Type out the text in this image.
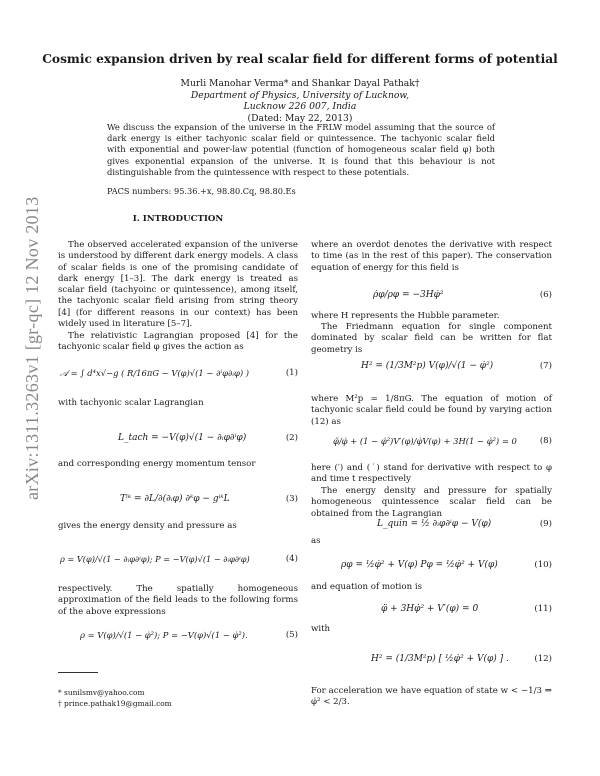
Cosmic expansion driven by real scalar field for different forms of potential
Murli Manohar Verma* and Shankar Dayal Pathak†
Department of Physics, University of Lucknow,
Lucknow 226 007, India
(Dated: May 22, 2013)
We discuss the expansion of the universe in the FRLW model assuming that the source of dark energy is either tachyonic scalar field or quintessence. The tachyonic scalar field with exponential and power-law potential (function of homogeneous scalar field φ) both gives exponential expansion of the universe. It is found that this behaviour is not distinguishable from the quintessence with respect to these potentials.
PACS numbers: 95.36.+x, 98.80.Cq, 98.80.Es
arXiv:1311.3263v1 [gr-qc] 12 Nov 2013	I. INTRODUCTION
The observed accelerated expansion of the universe is understood by different dark energy models. A class of scalar fields is one of the promising candidate of dark energy [1–3]. The dark energy is treated as scalar field (tachyoinc or quintessence), among itself, the tachyonic scalar field arising from string theory [4] (for different reasons in our context) has been widely used in literature [5–7].
The relativistic Lagrangian proposed [4] for the tachyonic scalar field φ gives the action as
𝒜 = ∫ d⁴x√−g ( R/16πG − V(φ)√(1 − ∂ⁱφ∂ᵢφ) )	(1)
with tachyonic scalar Lagrangian
L_tach = −V(φ)√(1 − ∂ᵢφ∂ⁱφ)	(2)
and corresponding energy momentum tensor
Tⁱᵏ = ∂L/∂(∂ᵢφ) ∂ᵏφ − gⁱᵏL	(3)
gives the energy density and pressure as
ρ = V(φ)/√(1 − ∂ᵢφ∂ⁱφ); P = −V(φ)√(1 − ∂ᵢφ∂ⁱφ)	(4)
respectively. The spatially homogeneous approximation of the field leads to the following forms of the above expressions
ρ = V(φ)/√(1 − φ̇²); P = −V(φ)√(1 − φ̇²).	(5)
* sunilsmv@yahoo.com
† prince.pathak19@gmail.com
where an overdot denotes the derivative with respect to time (as in the rest of this paper). The conservation equation of energy for this field is
ρ̇φ/ρφ = −3Hφ̇²	(6)
where H represents the Hubble parameter.
The Friedmann equation for single component dominated by scalar field can be written for flat geometry is
H² = (1/3M²p) V(φ)/√(1 − φ̇²)	(7)
where M²p = 1/8πG. The equation of motion of tachyonic scalar field could be found by varying action (12) as
φ̈/φ̇ + (1 − φ̇²)V′(φ)/φ̇V(φ) + 3H(1 − φ̇²) = 0	(8)
here (′) and (˙) stand for derivative with respect to φ and time t respectively
The energy density and pressure for spatially homogeneous quintessence scalar field can be obtained from the Lagrangian
L_quin = ½ ∂ᵢφ∂ⁱφ − V(φ)	(9)
as
ρφ = ½φ̇² + V(φ) Pφ = ½φ̇² + V(φ)	(10)
and equation of motion is
φ̈ + 3Hφ̇² + V′(φ) = 0	(11)
with
H² = (1/3M²p) [ ½φ̇² + V(φ) ] .	(12)
For acceleration we have equation of state w < −1/3 ⇒ φ̇² < 2/3.
